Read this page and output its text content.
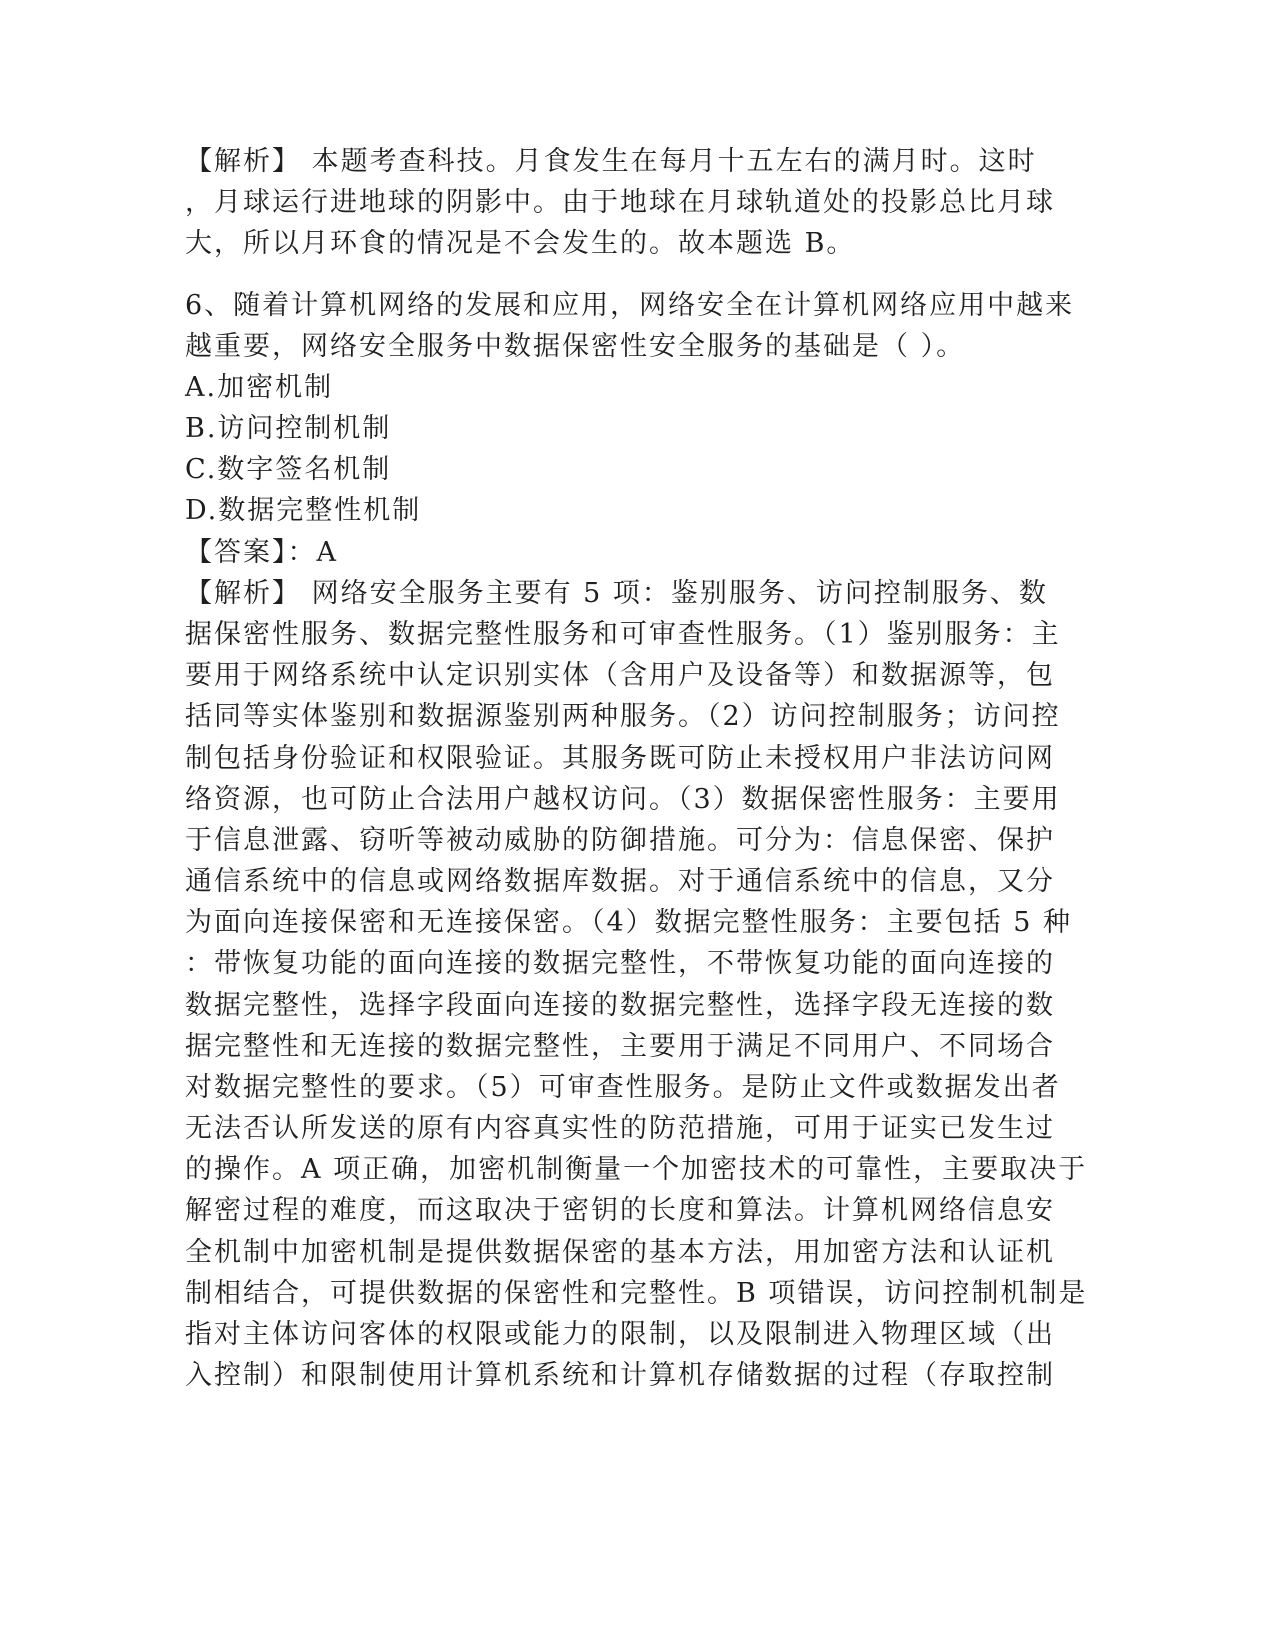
【解析】 本题考查科技。月食发生在每月十五左右的满月时。这时

，月球运行进地球的阴影中。由于地球在月球轨道处的投影总比月球

大，所以月环食的情况是不会发生的。故本题选 B。

6、随着计算机网络的发展和应用，网络安全在计算机网络应用中越来

越重要，网络安全服务中数据保密性安全服务的基础是（ ）。

A.加密机制

B.访问控制机制

C.数字签名机制

D.数据完整性机制

【答案】：A

【解析】 网络安全服务主要有 5 项：鉴别服务、访问控制服务、数

据保密性服务、数据完整性服务和可审查性服务。（1）鉴别服务：主

要用于网络系统中认定识别实体（含用户及设备等）和数据源等，包

括同等实体鉴别和数据源鉴别两种服务。（2）访问控制服务；访问控

制包括身份验证和权限验证。其服务既可防止未授权用户非法访问网

络资源，也可防止合法用户越权访问。（3）数据保密性服务：主要用

于信息泄露、窃听等被动威胁的防御措施。可分为：信息保密、保护

通信系统中的信息或网络数据库数据。对于通信系统中的信息，又分

为面向连接保密和无连接保密。（4）数据完整性服务：主要包括 5 种

：带恢复功能的面向连接的数据完整性，不带恢复功能的面向连接的

数据完整性，选择字段面向连接的数据完整性，选择字段无连接的数

据完整性和无连接的数据完整性，主要用于满足不同用户、不同场合

对数据完整性的要求。（5）可审查性服务。是防止文件或数据发出者

无法否认所发送的原有内容真实性的防范措施，可用于证实已发生过

的操作。A 项正确，加密机制衡量一个加密技术的可靠性，主要取决于

解密过程的难度，而这取决于密钥的长度和算法。计算机网络信息安

全机制中加密机制是提供数据保密的基本方法，用加密方法和认证机

制相结合，可提供数据的保密性和完整性。B 项错误，访问控制机制是

指对主体访问客体的权限或能力的限制，以及限制进入物理区域（出

入控制）和限制使用计算机系统和计算机存储数据的过程（存取控制
